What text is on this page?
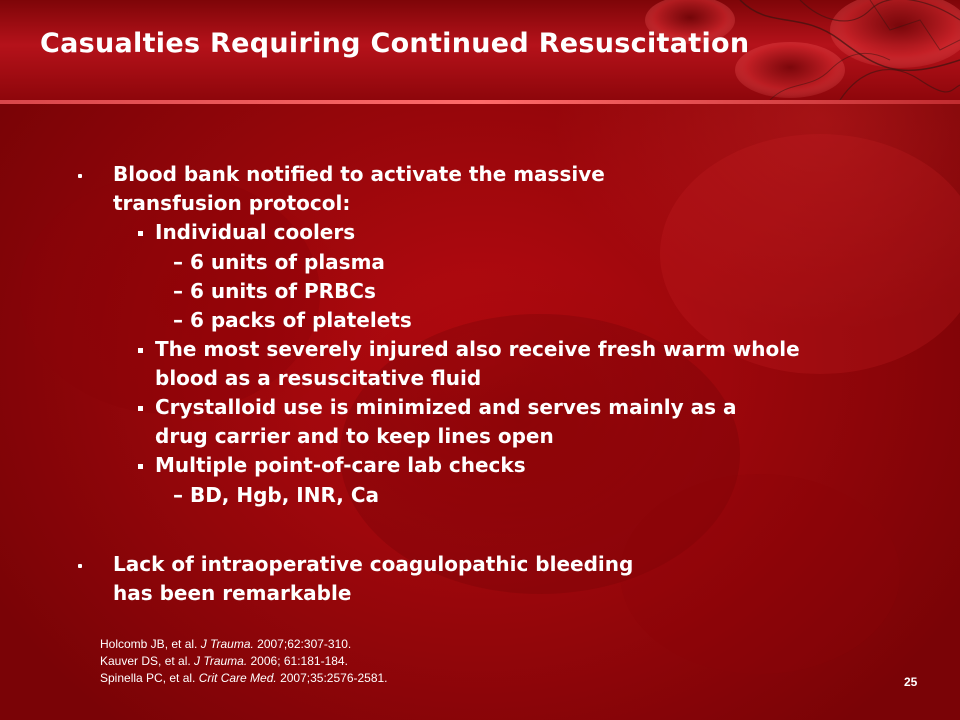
Casualties Requiring Continued Resuscitation
Blood bank notified to activate the massive
transfusion protocol:
Individual coolers
– 6 units of plasma
– 6 units of PRBCs
– 6 packs of platelets
The most severely injured also receive fresh warm whole
blood as a resuscitative fluid
Crystalloid use is minimized and serves mainly as a
drug carrier and to keep lines open
Multiple point-of-care lab checks
– BD, Hgb, INR, Ca
Lack of intraoperative coagulopathic bleeding
has been remarkable
Holcomb JB, et al. J Trauma. 2007;62:307-310.
Kauver DS, et al. J Trauma. 2006; 61:181-184.
Spinella PC, et al. Crit Care Med. 2007;35:2576-2581.	25
